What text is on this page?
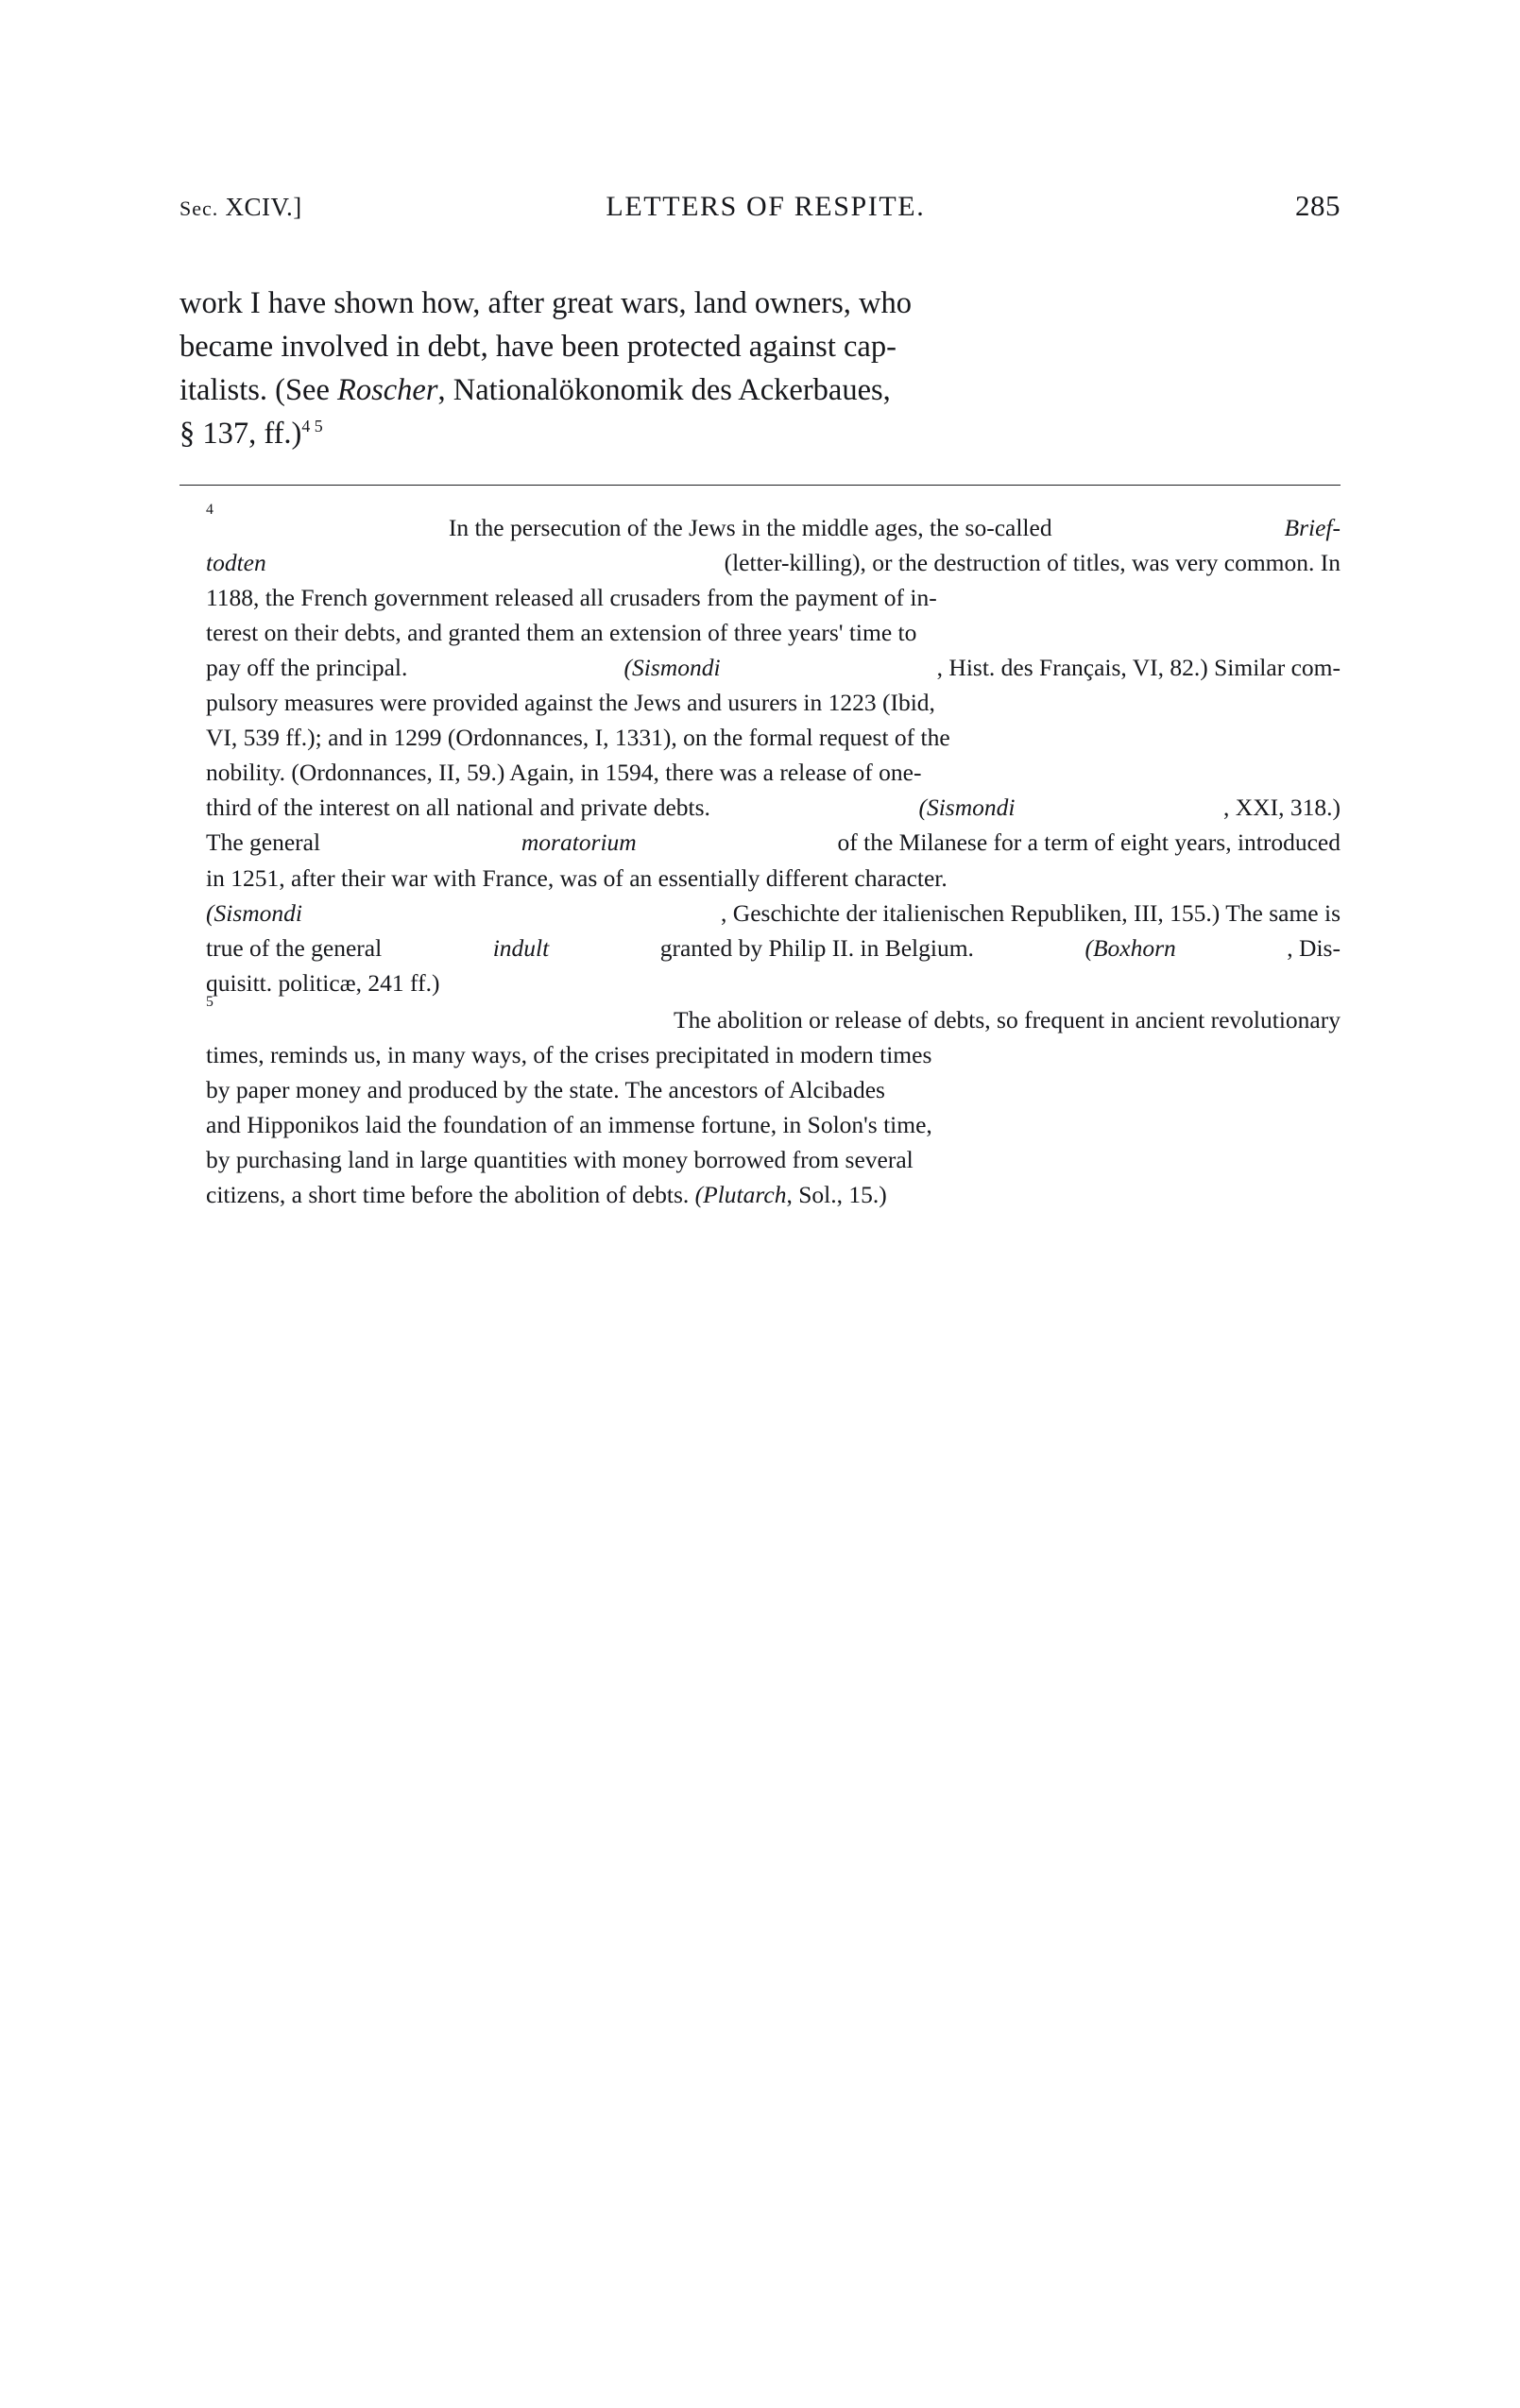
Sec. XCIV.]	LETTERS OF RESPITE.	285
work I have shown how, after great wars, land owners, who
became involved in debt, have been protected against cap-
italists. (See Roscher, Nationalökonomik des Ackerbaues,
§ 137, ff.)$^{4 5}$
4
In the persecution of the Jews in the middle ages, the so-called	Brief-
todten	(letter-killing), or the destruction of titles, was very common. In
1188, the French government released all crusaders from the payment of in-
terest on their debts, and granted them an extension of three years' time to
pay off the principal.	(Sismondi	, Hist. des Français, VI, 82.) Similar com-
pulsory measures were provided against the Jews and usurers in 1223 (Ibid,
VI, 539 ff.); and in 1299 (Ordonnances, I, 1331), on the formal request of the
nobility. (Ordonnances, II, 59.) Again, in 1594, there was a release of one-
third of the interest on all national and private debts.	(Sismondi	, XXI, 318.)
The general	moratorium	of the Milanese for a term of eight years, introduced
in 1251, after their war with France, was of an essentially different character.
(Sismondi	, Geschichte der italienischen Republiken, III, 155.) The same is
true of the general	indult	granted by Philip II. in Belgium.	(Boxhorn	, Dis-
quisitt. politicæ, 241 ff.)
5
The abolition or release of debts, so frequent in ancient revolutionary
times, reminds us, in many ways, of the crises precipitated in modern times
by paper money and produced by the state. The ancestors of Alcibades
and Hipponikos laid the foundation of an immense fortune, in Solon's time,
by purchasing land in large quantities with money borrowed from several
citizens, a short time before the abolition of debts. (Plutarch, Sol., 15.)
